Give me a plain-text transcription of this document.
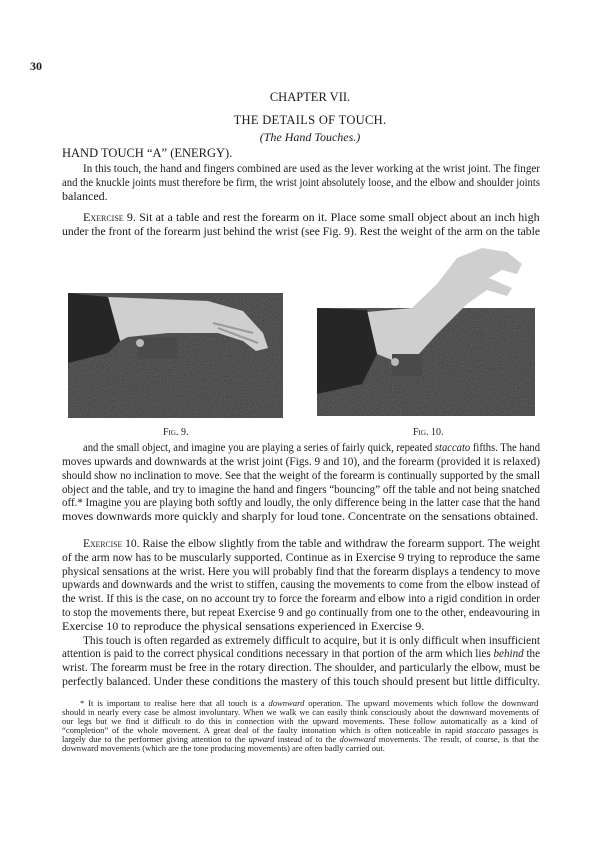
30
CHAPTER VII.
THE DETAILS OF TOUCH.
(The Hand Touches.)
HAND TOUCH “A” (ENERGY).
In this touch, the hand and fingers combined are used as the lever working at the wrist joint. The finger
and the knuckle joints must therefore be firm, the wrist joint absolutely loose, and the elbow and shoulder joints
balanced.
Exercise 9. Sit at a table and rest the forearm on it. Place some small object about an inch high
under the front of the forearm just behind the wrist (see Fig. 9). Rest the weight of the arm on the table
and the small object, and imagine you are playing a series of fairly quick, repeated staccato fifths. The hand
moves upwards and downwards at the wrist joint (Figs. 9 and 10), and the forearm (provided it is relaxed)
should show no inclination to move. See that the weight of the forearm is continually supported by the small
object and the table, and try to imagine the hand and fingers “bouncing” off the table and not being snatched
off.* Imagine you are playing both softly and loudly, the only difference being in the latter case that the hand
moves downwards more quickly and sharply for loud tone. Concentrate on the sensations obtained.
Exercise 10. Raise the elbow slightly from the table and withdraw the forearm support. The weight
of the arm now has to be muscularly supported. Continue as in Exercise 9 trying to reproduce the same
physical sensations at the wrist. Here you will probably find that the forearm displays a tendency to move
upwards and downwards and the wrist to stiffen, causing the movements to come from the elbow instead of
the wrist. If this is the case, on no account try to force the forearm and elbow into a rigid condition in order
to stop the movements there, but repeat Exercise 9 and go continually from one to the other, endeavouring in
Exercise 10 to reproduce the physical sensations experienced in Exercise 9.
This touch is often regarded as extremely difficult to acquire, but it is only difficult when insufficient
attention is paid to the correct physical conditions necessary in that portion of the arm which lies behind the
wrist. The forearm must be free in the rotary direction. The shoulder, and particularly the elbow, must be
perfectly balanced. Under these conditions the mastery of this touch should present but little difficulty.
* It is important to realise here that all touch is a downward operation. The upward movements which follow the downward
should in nearly every case be almost involuntary. When we walk we can easily think consciously about the downward movements of
our legs but we find it difficult to do this in connection with the upward movements. These follow automatically as a kind of
“completion” of the whole movement. A great deal of the faulty intonation which is often noticeable in rapid staccato passages is
largely due to the performer giving attention to the upward instead of to the downward movements. The result, of course, is that the
downward movements (which are the tone producing movements) are often badly carried out.
Fig. 9.	Fig. 10.
